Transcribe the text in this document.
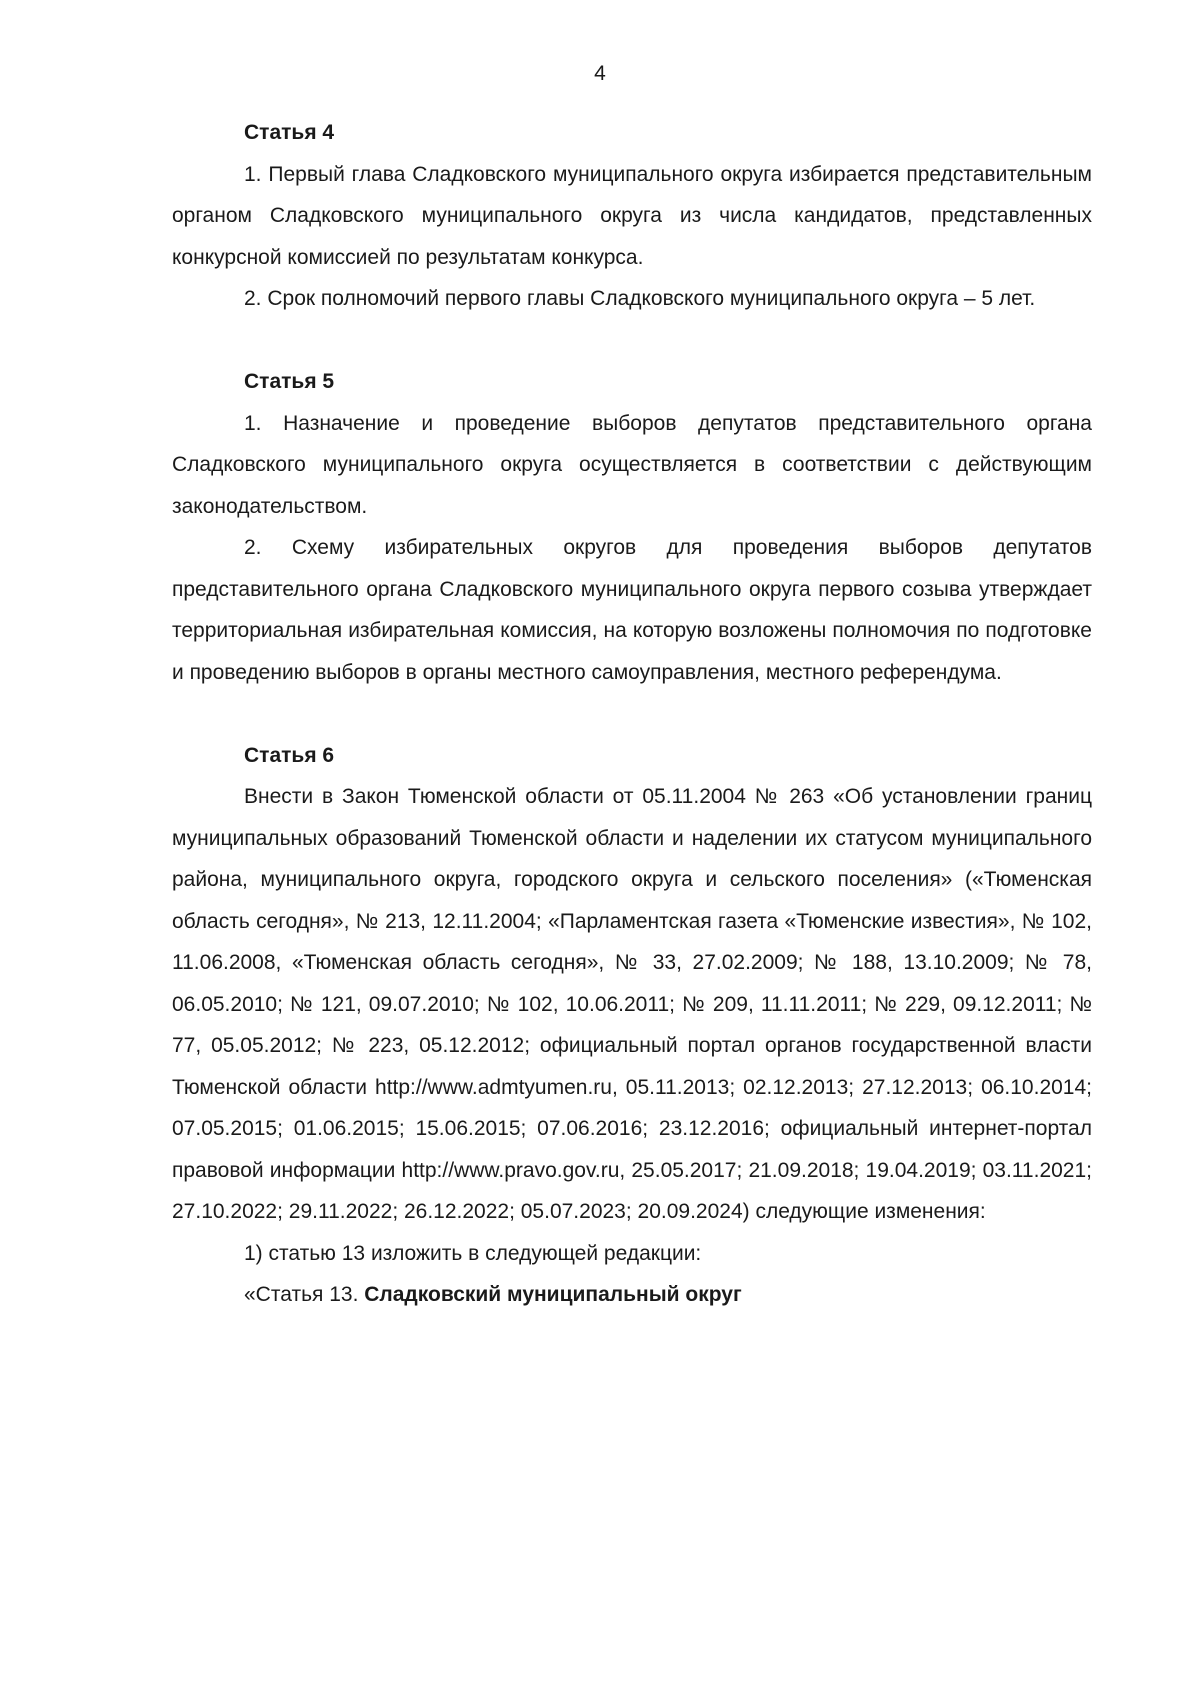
4

Статья 4

1. Первый глава Сладковского муниципального округа избирается представительным органом Сладковского муниципального округа из числа кандидатов, представленных конкурсной комиссией по результатам конкурса.

2. Срок полномочий первого главы Сладковского муниципального округа – 5 лет.

Статья 5

1. Назначение и проведение выборов депутатов представительного органа Сладковского муниципального округа осуществляется в соответствии с действующим законодательством.

2. Схему избирательных округов для проведения выборов депутатов представительного органа Сладковского муниципального округа первого созыва утверждает территориальная избирательная комиссия, на которую возложены полномочия по подготовке и проведению выборов в органы местного самоуправления, местного референдума.

Статья 6

Внести в Закон Тюменской области от 05.11.2004 № 263 «Об установлении границ муниципальных образований Тюменской области и наделении их статусом муниципального района, муниципального округа, городского округа и сельского поселения» («Тюменская область сегодня», № 213, 12.11.2004; «Парламентская газета «Тюменские известия», № 102, 11.06.2008, «Тюменская область сегодня», № 33, 27.02.2009; № 188, 13.10.2009; № 78, 06.05.2010; № 121, 09.07.2010; № 102, 10.06.2011; № 209, 11.11.2011; № 229, 09.12.2011; № 77, 05.05.2012; № 223, 05.12.2012; официальный портал органов государственной власти Тюменской области http://www.admtyumen.ru, 05.11.2013; 02.12.2013; 27.12.2013; 06.10.2014; 07.05.2015; 01.06.2015; 15.06.2015; 07.06.2016; 23.12.2016; официальный интернет-портал правовой информации http://www.pravo.gov.ru, 25.05.2017; 21.09.2018; 19.04.2019; 03.11.2021; 27.10.2022; 29.11.2022; 26.12.2022; 05.07.2023; 20.09.2024) следующие изменения:

1) статью 13 изложить в следующей редакции:

«Статья 13. Сладковский муниципальный округ
